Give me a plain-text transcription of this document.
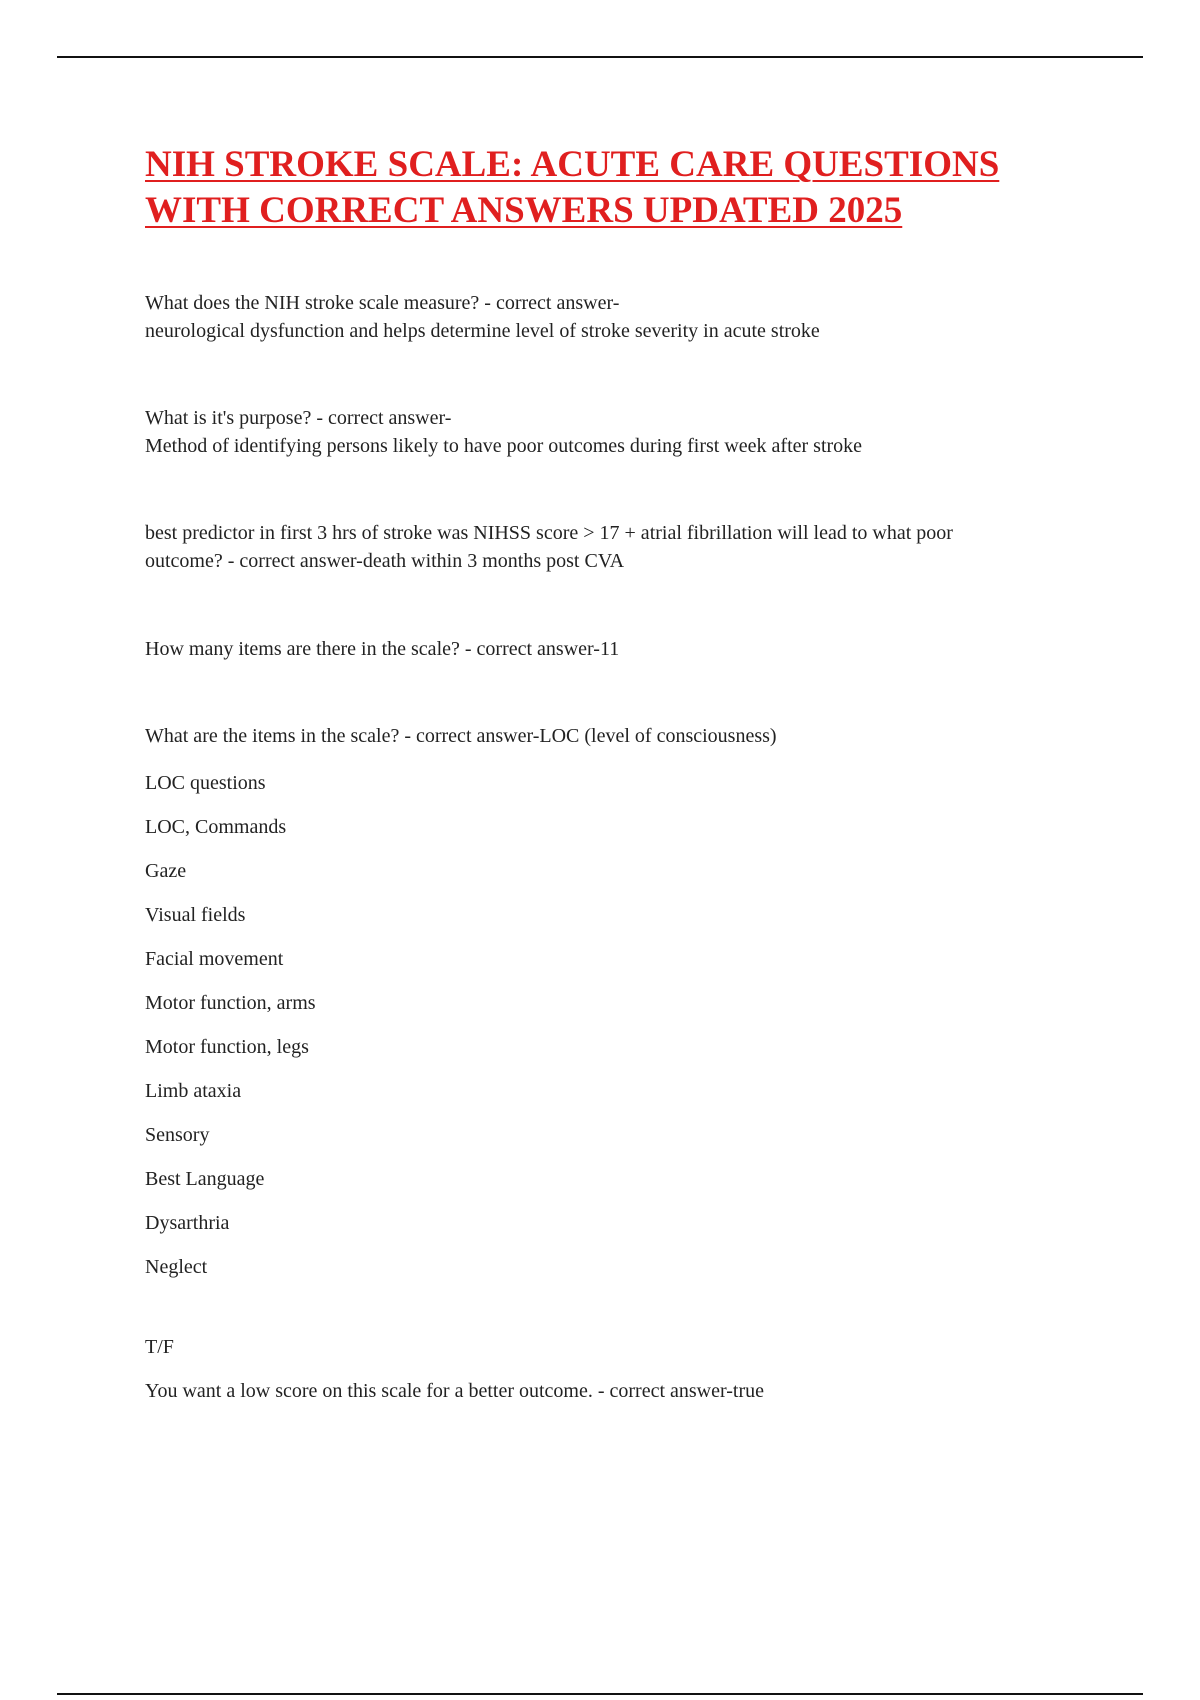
NIH STROKE SCALE: ACUTE CARE QUESTIONS
WITH CORRECT ANSWERS UPDATED 2025

What does the NIH stroke scale measure? - correct answer-

neurological dysfunction and helps determine level of stroke severity in acute stroke

What is it's purpose? - correct answer-

Method of identifying persons likely to have poor outcomes during first week after stroke

best predictor in first 3 hrs of stroke was NIHSS score > 17 + atrial fibrillation will lead to what poor

outcome? - correct answer-death within 3 months post CVA

How many items are there in the scale? - correct answer-11

What are the items in the scale? - correct answer-LOC (level of consciousness)

LOC questions
LOC, Commands
Gaze
Visual fields
Facial movement
Motor function, arms
Motor function, legs
Limb ataxia
Sensory
Best Language
Dysarthria
Neglect
T/F
You want a low score on this scale for a better outcome. - correct answer-true
